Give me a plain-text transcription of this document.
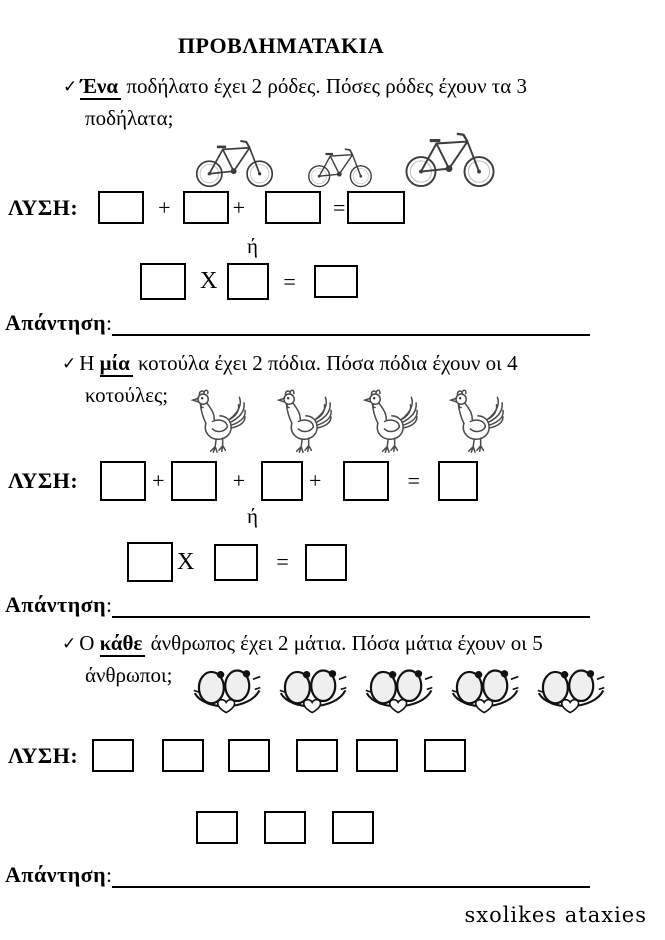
ΠΡΟΒΛΗΜΑΤΑΚΙΑ
✓ Ένα ποδήλατο έχει 2 ρόδες. Πόσες ρόδες έχουν τα 3
ποδήλατα;
ΛΥΣΗ:	+	+	=
ή
X	=
Απάντηση :
✓ Η μία κοτούλα έχει 2 πόδια. Πόσα πόδια έχουν οι 4
κοτούλες;
ΛΥΣΗ:	+	+	+	=
ή
X	=
Απάντηση :
✓ Ο κάθε άνθρωπος έχει 2 μάτια. Πόσα μάτια έχουν οι 5
άνθρωποι;
ΛΥΣΗ:
Απάντηση :
sxolikes ataxies
